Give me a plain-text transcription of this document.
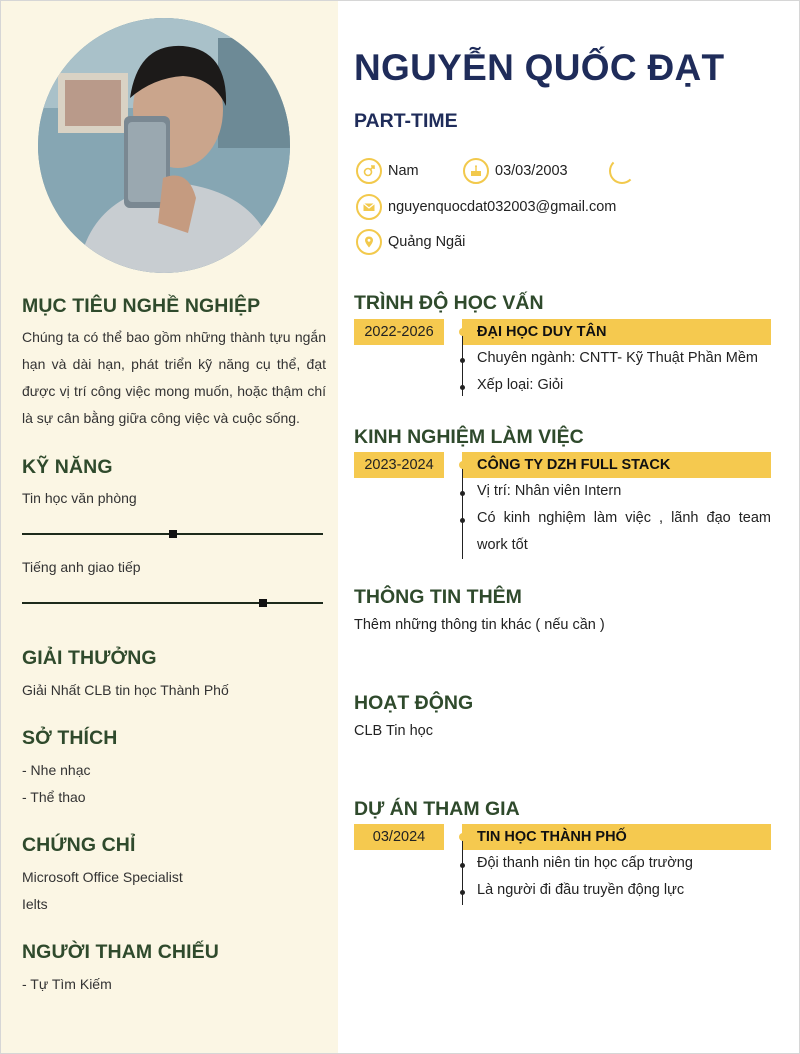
MỤC TIÊU NGHỀ NGHIỆP
Chúng ta có thể bao gồm những thành tựu ngắn hạn và dài hạn, phát triển kỹ năng cụ thể, đạt được vị trí công việc mong muốn, hoặc thậm chí là sự cân bằng giữa công việc và cuộc sống.
KỸ NĂNG
Tin học văn phòng
Tiếng anh giao tiếp
GIẢI THƯỞNG
Giải Nhất CLB tin học Thành Phố
SỞ THÍCH
- Nhe nhạc
- Thể thao
CHỨNG CHỈ
Microsoft Office Specialist
Ielts
NGƯỜI THAM CHIẾU
- Tự Tìm Kiếm
NGUYỄN QUỐC ĐẠT
PART-TIME
Nam	03/03/2003
nguyenquocdat032003@gmail.com
Quảng Ngãi
TRÌNH ĐỘ HỌC VẤN
2022-2026	ĐẠI HỌC DUY TÂN
Chuyên ngành: CNTT- Kỹ Thuật Phần Mềm
Xếp loại: Giỏi
KINH NGHIỆM LÀM VIỆC
2023-2024	CÔNG TY DZH FULL STACK
Vị trí: Nhân viên Intern
Có kinh nghiệm làm việc , lãnh đạo team
work tốt
THÔNG TIN THÊM
Thêm những thông tin khác ( nếu cần )
HOẠT ĐỘNG
CLB Tin học
DỰ ÁN THAM GIA
03/2024	TIN HỌC THÀNH PHỐ
Đội thanh niên tin học cấp trường
Là người đi đầu truyền động lực
